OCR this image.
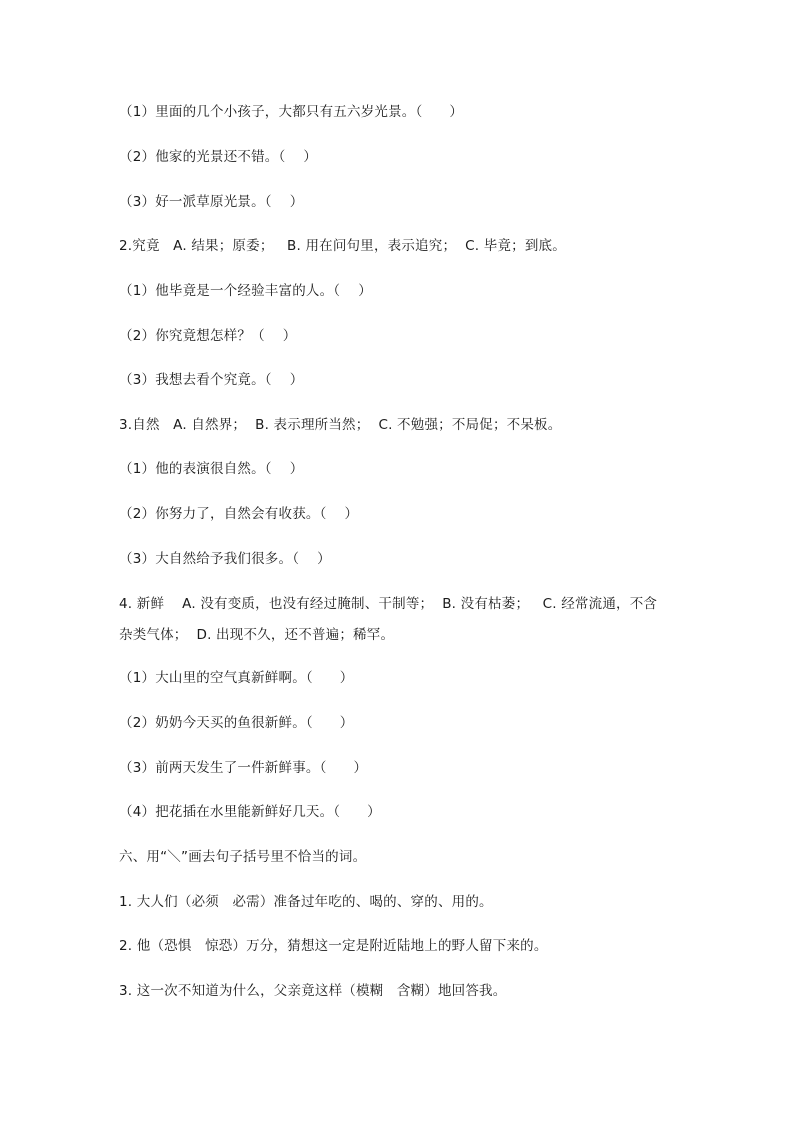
（1）里面的几个小孩子，大都只有五六岁光景。（      ）

（2）他家的光景还不错。（    ）

（3）好一派草原光景。（    ）

2.究竟   A. 结果；原委；   B. 用在问句里，表示追究；  C. 毕竟；到底。

（1）他毕竟是一个经验丰富的人。（    ）

（2）你究竟想怎样？（    ）

（3）我想去看个究竟。（    ）

3.自然   A. 自然界；  B. 表示理所当然；  C. 不勉强；不局促；不呆板。

（1）他的表演很自然。（    ）

（2）你努力了，自然会有收获。（    ）

（3）大自然给予我们很多。（    ）

4. 新鲜    A. 没有变质，也没有经过腌制、干制等；  B. 没有枯萎；   C. 经常流通，不含

杂类气体；  D. 出现不久，还不普遍；稀罕。

（1）大山里的空气真新鲜啊。（      ）

（2）奶奶今天买的鱼很新鲜。（      ）

（3）前两天发生了一件新鲜事。（      ）

（4）把花插在水里能新鲜好几天。（      ）

六、用“＼”画去句子括号里不恰当的词。

1. 大人们（必须   必需）准备过年吃的、喝的、穿的、用的。

2. 他（恐惧   惊恐）万分，猜想这一定是附近陆地上的野人留下来的。

3. 这一次不知道为什么，父亲竟这样（模糊   含糊）地回答我。
